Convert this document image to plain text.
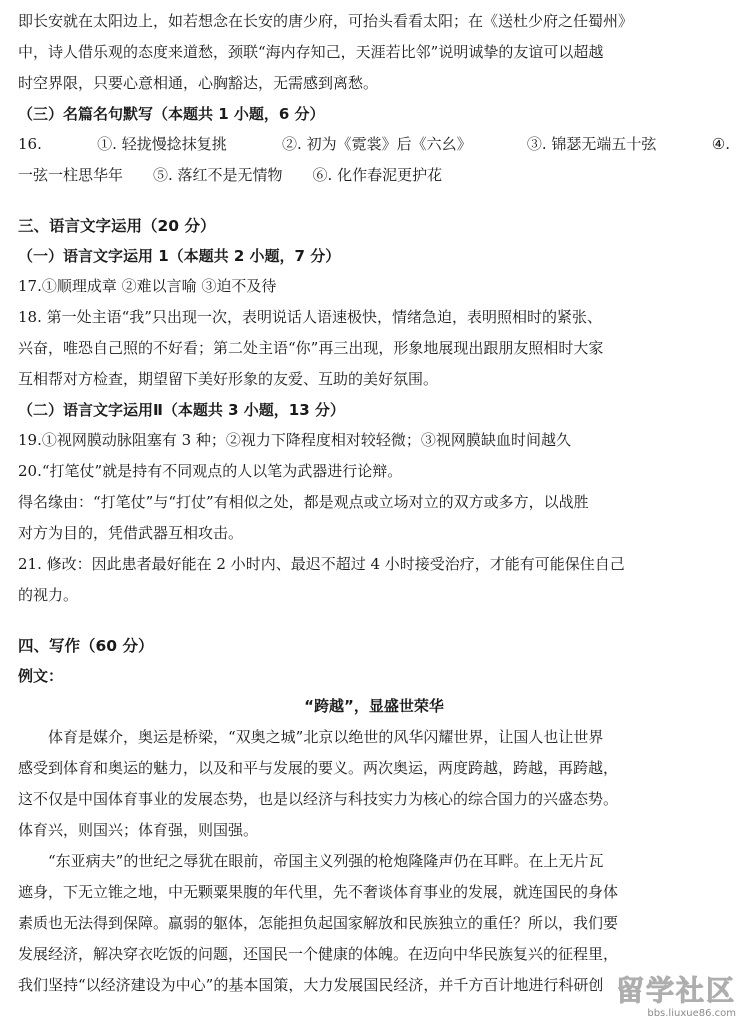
即长安就在太阳边上，如若想念在长安的唐少府，可抬头看看太阳；在《送杜少府之任蜀州》

中，诗人借乐观的态度来道愁，颈联“海内存知己，天涯若比邻”说明诚挚的友谊可以超越

时空界限，只要心意相通，心胸豁达，无需感到离愁。

（三）名篇名句默写（本题共 1 小题，6 分）

16.	①. 轻拢慢捻抹复挑	②. 初为《霓裳》后《六幺》	③. 锦瑟无端五十弦	④.

一弦一柱思华年　　⑤. 落红不是无情物　　⑥. 化作春泥更护花

三、语言文字运用（20 分）

（一）语言文字运用 1（本题共 2 小题，7 分）

17.①顺理成章 ②难以言喻 ③迫不及待

18. 第一处主语“我”只出现一次，表明说话人语速极快，情绪急迫，表明照相时的紧张、

兴奋，唯恐自己照的不好看；第二处主语“你”再三出现，形象地展现出跟朋友照相时大家

互相帮对方检查，期望留下美好形象的友爱、互助的美好氛围。

（二）语言文字运用Ⅱ（本题共 3 小题，13 分）

19.①视网膜动脉阻塞有 3 种；②视力下降程度相对较轻微；③视网膜缺血时间越久

20.“打笔仗”就是持有不同观点的人以笔为武器进行论辩。

得名缘由：“打笔仗”与“打仗”有相似之处，都是观点或立场对立的双方或多方，以战胜

对方为目的，凭借武器互相攻击。

21. 修改：因此患者最好能在 2 小时内、最迟不超过 4 小时接受治疗，才能有可能保住自己

的视力。

四、写作（60 分）

例文：

“跨越”，显盛世荣华

体育是媒介，奥运是桥梁，“双奥之城”北京以绝世的风华闪耀世界，让国人也让世界

感受到体育和奥运的魅力，以及和平与发展的要义。两次奥运，两度跨越，跨越，再跨越，

这不仅是中国体育事业的发展态势，也是以经济与科技实力为核心的综合国力的兴盛态势。

体育兴，则国兴；体育强，则国强。

“东亚病夫”的世纪之辱犹在眼前，帝国主义列强的枪炮隆隆声仍在耳畔。在上无片瓦

遮身，下无立锥之地，中无颗粟果腹的年代里，先不奢谈体育事业的发展，就连国民的身体

素质也无法得到保障。羸弱的躯体，怎能担负起国家解放和民族独立的重任？所以，我们要

发展经济，解决穿衣吃饭的问题，还国民一个健康的体魄。在迈向中华民族复兴的征程里，

我们坚持“以经济建设为中心”的基本国策，大力发展国民经济，并千方百计地进行科研创 留学社区
bbs.liuxue86.com
